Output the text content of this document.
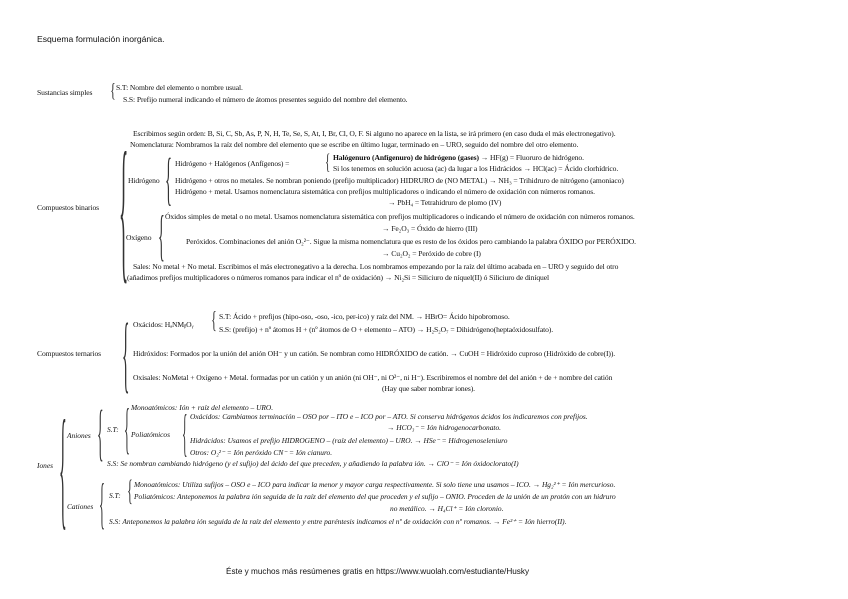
Esquema formulación inorgánica.
Sustancias simples { S.T: Nombre del elemento o nombre usual.
S.S: Prefijo numeral indicando el número de átomos presentes seguido del nombre del elemento.
Compuestos binarios { Escribimos según orden: B, Si, C, Sb, As, P, N, H, Te, Se, S, At, I, Br, Cl, O, F. Si alguno no aparece en la lista, se irá primero (en caso duda el más electronegativo).
Nomenclatura: Nombramos la raíz del nombre del elemento que se escribe en último lugar, terminado en – URO, seguido del nombre del otro elemento.
Hidrógeno { Hidrógeno + Halógenos (Anfígenos) = { Halógenuro (Anfígenuro) de hidrógeno (gases) → HF(g) = Fluoruro de hidrógeno.
Si los tenemos en solución acuosa (ac) da lugar a los Hidrácidos → HCl(ac) = Ácido clorhídrico.
Hidrógeno + otros no metales. Se nombran poniendo (prefijo multiplicador) HIDRURO de (NO METAL) → NH₃ = Trihidruro de nitrógeno (amoniaco)
Hidrógeno + metal. Usamos nomenclatura sistemática con prefijos multiplicadores o indicando el número de oxidación con números romanos.
→ PbH₄ = Tetrahidruro de plomo (IV)
Oxígeno { Óxidos simples de metal o no metal. Usamos nomenclatura sistemática con prefijos multiplicadores o indicando el número de oxidación con números romanos.
→ Fe₂O₃ = Óxido de hierro (III)
Peróxidos. Combinaciones del anión O₂²⁻. Sigue la misma nomenclatura que es resto de los óxidos pero cambiando la palabra ÓXIDO por PERÓXIDO.
→ Cu₂O₂ = Peróxido de cobre (I)
Sales: No metal + No metal. Escribimos el más electronegativo a la derecha. Los nombramos empezando por la raíz del último acabada en – URO y seguido del otro
(añadimos prefijos multiplicadores o números romanos para indicar el nº de oxidación) → Ni₂Si = Siliciuro de níquel(II) ó Siliciuro de diníquel
Compuestos ternarios { Oxácidos: HₐNMᵦOᵧ { S.T: Ácido + prefijos (hipo-oso, -oso, -ico, per-ico) y raíz del NM. → HBrO= Ácido hipobromoso.
S.S: (prefijo) + nº átomos H + (nº átomos de O + elemento – ATO) → H₂S₂O₇ = Dihidrógeno(heptaóxidosulfato).
Hidróxidos: Formados por la unión del anión OH⁻ y un catión. Se nombran como HIDRÓXIDO de catión. → CuOH = Hidróxido cuproso (Hidróxido de cobre(I)).
Oxisales: NoMetal + Oxígeno + Metal. formadas por un catión y un anión (ni OH⁻, ni O²⁻, ni H⁻). Escribiremos el nombre del del anión + de + nombre del catión
(Hay que saber nombrar iones).
Iones { Aniones { S.T: { Monoatómicos: Ión + raíz del elemento – URO.
Poliatómicos { Oxácidos: Cambiamos terminación – OSO por – ITO e – ICO por – ATO. Si conserva hidrógenos ácidos los indicaremos con prefijos.
→ HCO₃⁻ = Ión hidrogenocarbonato.
Hidrácidos: Usamos el prefijo HIDROGENO – (raíz del elemento) – URO. → HSe⁻ = Hidrogenoseleniuro
Otros: O₂²⁻ = Ión peróxido CN⁻ = Ión cianuro.
S.S: Se nombran cambiando hidrógeno (y el sufijo) del ácido del que preceden, y añadiendo la palabra ión. → ClO⁻ = Ión óxidoclorato(I)
Cationes { S.T: { Monoatómicos: Utiliza sufijos – OSO e – ICO para indicar la menor y mayor carga respectivamente. Si solo tiene una usamos – ICO. → Hg₂²⁺ = Ión mercurioso.
Poliatómicos: Anteponemos la palabra ión seguida de la raíz del elemento del que proceden y el sufijo – ONIO. Proceden de la unión de un protón con un hidruro
no metálico. → H₄Cl⁺ = Ión cloronio.
S.S: Anteponemos la palabra ión seguida de la raíz del elemento y entre paréntesis indicamos el nº de oxidación con nº romanos. → Fe²⁺ = Ión hierro(II).
Éste y muchos más resúmenes gratis en https://www.wuolah.com/estudiante/Husky
